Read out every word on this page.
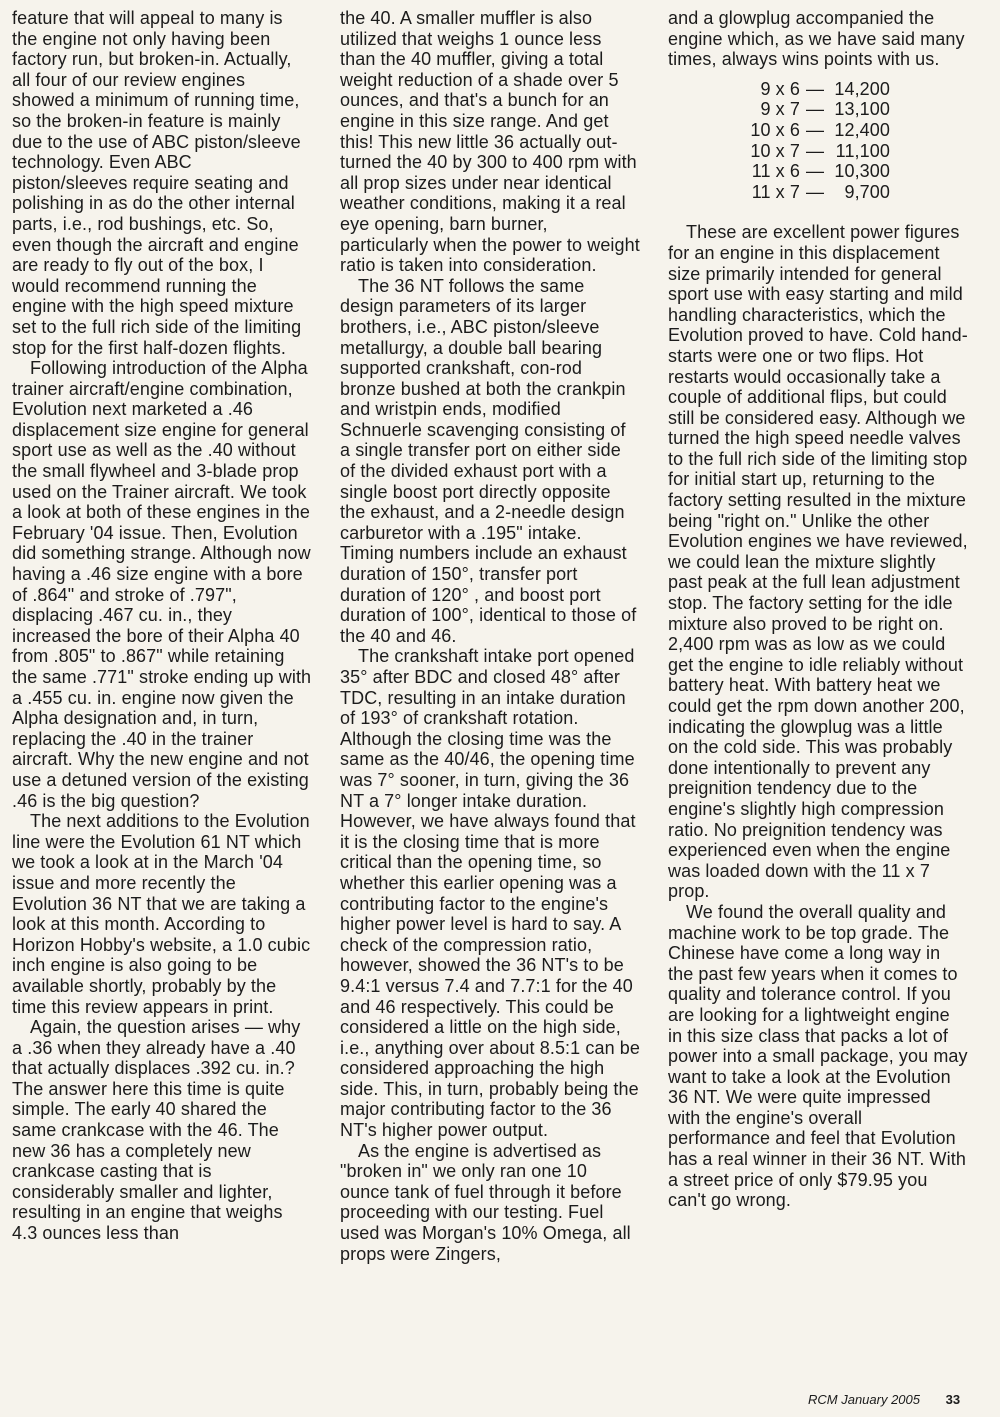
feature that will appeal to many is the engine not only having been factory run, but broken-in. Actually, all four of our review engines showed a minimum of running time, so the broken-in feature is mainly due to the use of ABC piston/sleeve technology. Even ABC piston/sleeves require seating and polishing in as do the other internal parts, i.e., rod bushings, etc. So, even though the aircraft and engine are ready to fly out of the box, I would recommend running the engine with the high speed mixture set to the full rich side of the limiting stop for the first half-dozen flights.

Following introduction of the Alpha trainer aircraft/engine combination, Evolution next marketed a .46 displacement size engine for general sport use as well as the .40 without the small flywheel and 3-blade prop used on the Trainer aircraft. We took a look at both of these engines in the February '04 issue. Then, Evolution did something strange. Although now having a .46 size engine with a bore of .864" and stroke of .797", displacing .467 cu. in., they increased the bore of their Alpha 40 from .805" to .867" while retaining the same .771" stroke ending up with a .455 cu. in. engine now given the Alpha designation and, in turn, replacing the .40 in the trainer aircraft. Why the new engine and not use a detuned version of the existing .46 is the big question?

The next additions to the Evolution line were the Evolution 61 NT which we took a look at in the March '04 issue and more recently the Evolution 36 NT that we are taking a look at this month. According to Horizon Hobby's website, a 1.0 cubic inch engine is also going to be available shortly, probably by the time this review appears in print.

Again, the question arises — why a .36 when they already have a .40 that actually displaces .392 cu. in.? The answer here this time is quite simple. The early 40 shared the same crankcase with the 46. The new 36 has a completely new crankcase casting that is considerably smaller and lighter, resulting in an engine that weighs 4.3 ounces less than

the 40. A smaller muffler is also utilized that weighs 1 ounce less than the 40 muffler, giving a total weight reduction of a shade over 5 ounces, and that's a bunch for an engine in this size range. And get this! This new little 36 actually out-turned the 40 by 300 to 400 rpm with all prop sizes under near identical weather conditions, making it a real eye opening, barn burner, particularly when the power to weight ratio is taken into consideration.

The 36 NT follows the same design parameters of its larger brothers, i.e., ABC piston/sleeve metallurgy, a double ball bearing supported crankshaft, con-rod bronze bushed at both the crankpin and wristpin ends, modified Schnuerle scavenging consisting of a single transfer port on either side of the divided exhaust port with a single boost port directly opposite the exhaust, and a 2-needle design carburetor with a .195" intake. Timing numbers include an exhaust duration of 150°, transfer port duration of 120° , and boost port duration of 100°, identical to those of the 40 and 46.

The crankshaft intake port opened 35° after BDC and closed 48° after TDC, resulting in an intake duration of 193° of crankshaft rotation. Although the closing time was the same as the 40/46, the opening time was 7° sooner, in turn, giving the 36 NT a 7° longer intake duration. However, we have always found that it is the closing time that is more critical than the opening time, so whether this earlier opening was a contributing factor to the engine's higher power level is hard to say. A check of the compression ratio, however, showed the 36 NT's to be 9.4:1 versus 7.4 and 7.7:1 for the 40 and 46 respectively. This could be considered a little on the high side, i.e., anything over about 8.5:1 can be considered approaching the high side. This, in turn, probably being the major contributing factor to the 36 NT's higher power output.

As the engine is advertised as "broken in" we only ran one 10 ounce tank of fuel through it before proceeding with our testing. Fuel used was Morgan's 10% Omega, all props were Zingers,

and a glowplug accompanied the engine which, as we have said many times, always wins points with us.

9 x 6 — 14,200
9 x 7 — 13,100
10 x 6 — 12,400
10 x 7 — 11,100
11 x 6 — 10,300
11 x 7 —	9,700

These are excellent power figures for an engine in this displacement size primarily intended for general sport use with easy starting and mild handling characteristics, which the Evolution proved to have. Cold hand-starts were one or two flips. Hot restarts would occasionally take a couple of additional flips, but could still be considered easy. Although we turned the high speed needle valves to the full rich side of the limiting stop for initial start up, returning to the factory setting resulted in the mixture being "right on." Unlike the other Evolution engines we have reviewed, we could lean the mixture slightly past peak at the full lean adjustment stop. The factory setting for the idle mixture also proved to be right on. 2,400 rpm was as low as we could get the engine to idle reliably without battery heat. With battery heat we could get the rpm down another 200, indicating the glowplug was a little on the cold side. This was probably done intentionally to prevent any preignition tendency due to the engine's slightly high compression ratio. No preignition tendency was experienced even when the engine was loaded down with the 11 x 7 prop.

We found the overall quality and machine work to be top grade. The Chinese have come a long way in the past few years when it comes to quality and tolerance control. If you are looking for a lightweight engine in this size class that packs a lot of power into a small package, you may want to take a look at the Evolution 36 NT. We were quite impressed with the engine's overall performance and feel that Evolution has a real winner in their 36 NT. With a street price of only $79.95 you can't go wrong.

RCM January 2005 33
